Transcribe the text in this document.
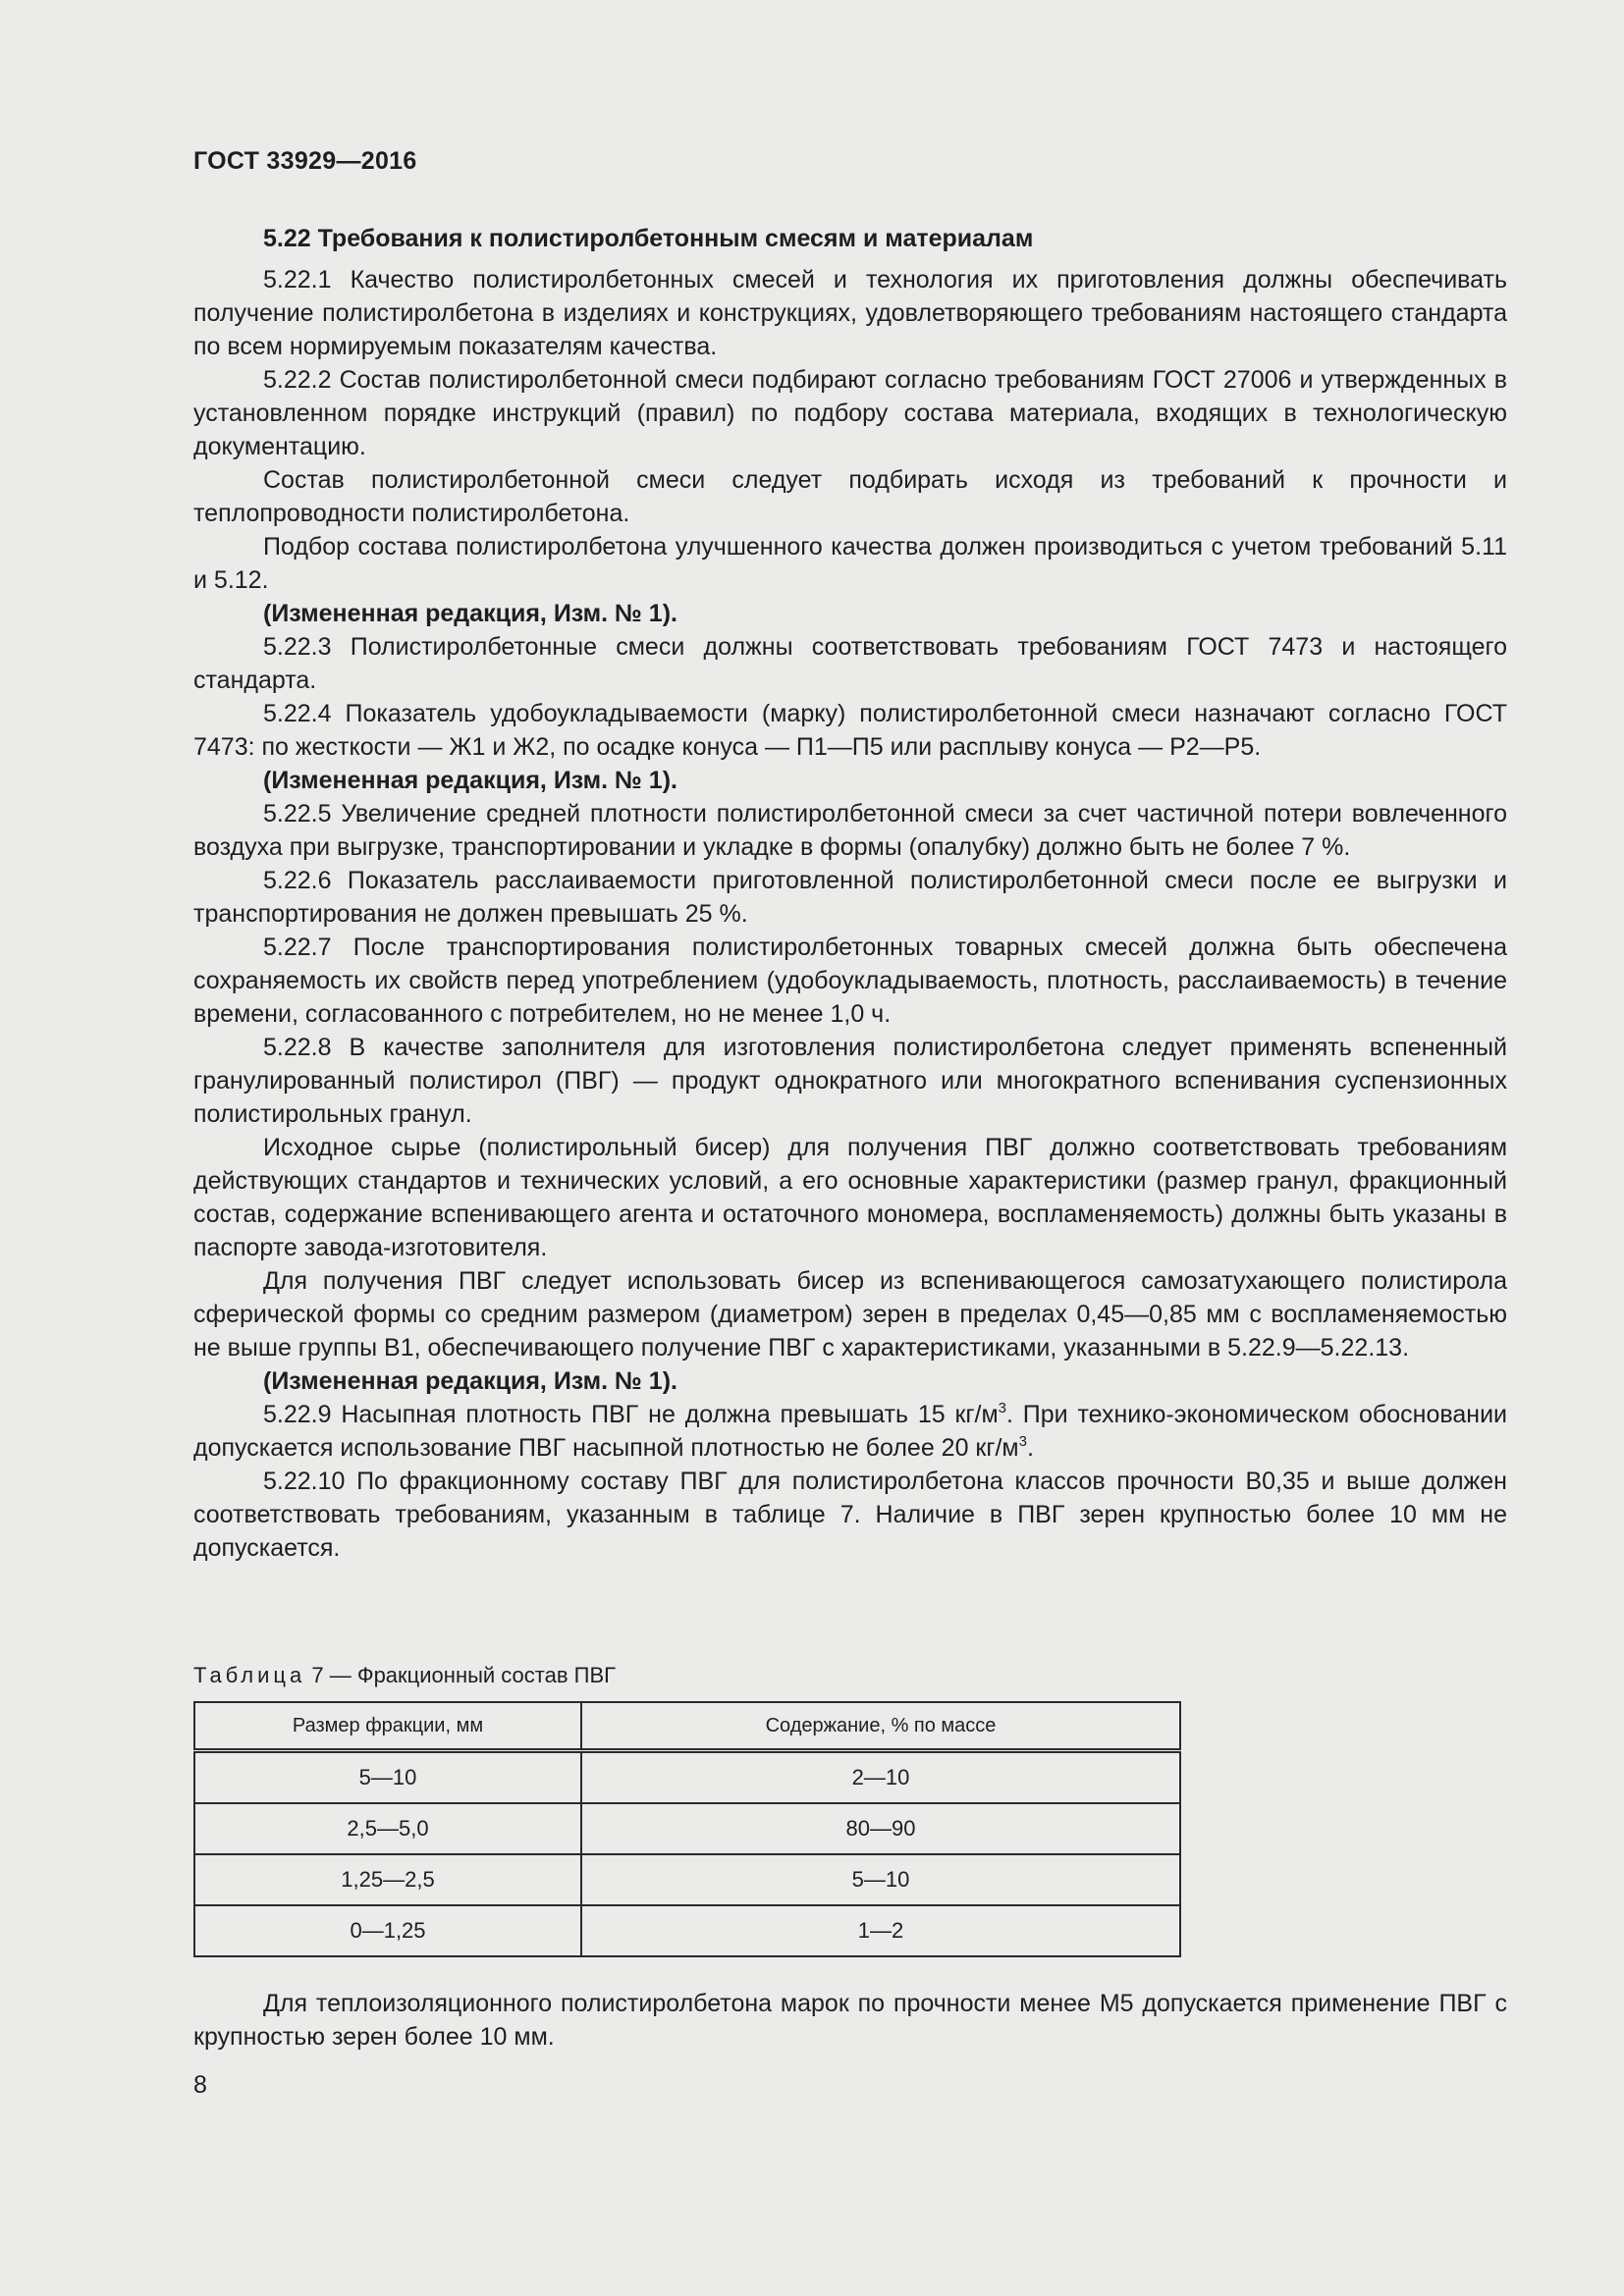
ГОСТ 33929—2016
5.22 Требования к полистиролбетонным смесям и материалам

5.22.1 Качество полистиролбетонных смесей и технология их приготовления должны обеспечивать получение полистиролбетона в изделиях и конструкциях, удовлетворяющего требованиям настоящего стандарта по всем нормируемым показателям качества.

5.22.2 Состав полистиролбетонной смеси подбирают согласно требованиям ГОСТ 27006 и утвержденных в установленном порядке инструкций (правил) по подбору состава материала, входящих в технологическую документацию.

Состав полистиролбетонной смеси следует подбирать исходя из требований к прочности и теплопроводности полистиролбетона.

Подбор состава полистиролбетона улучшенного качества должен производиться с учетом требований 5.11 и 5.12.

(Измененная редакция, Изм. № 1).

5.22.3 Полистиролбетонные смеси должны соответствовать требованиям ГОСТ 7473 и настоящего стандарта.

5.22.4 Показатель удобоукладываемости (марку) полистиролбетонной смеси назначают согласно ГОСТ 7473: по жесткости — Ж1 и Ж2, по осадке конуса — П1—П5 или расплыву конуса — Р2—Р5.

(Измененная редакция, Изм. № 1).

5.22.5 Увеличение средней плотности полистиролбетонной смеси за счет частичной потери вовлеченного воздуха при выгрузке, транспортировании и укладке в формы (опалубку) должно быть не более 7 %.

5.22.6 Показатель расслаиваемости приготовленной полистиролбетонной смеси после ее выгрузки и транспортирования не должен превышать 25 %.

5.22.7 После транспортирования полистиролбетонных товарных смесей должна быть обеспечена сохраняемость их свойств перед употреблением (удобоукладываемость, плотность, расслаиваемость) в течение времени, согласованного с потребителем, но не менее 1,0 ч.

5.22.8 В качестве заполнителя для изготовления полистиролбетона следует применять вспененный гранулированный полистирол (ПВГ) — продукт однократного или многократного вспенивания суспензионных полистирольных гранул.

Исходное сырье (полистирольный бисер) для получения ПВГ должно соответствовать требованиям действующих стандартов и технических условий, а его основные характеристики (размер гранул, фракционный состав, содержание вспенивающего агента и остаточного мономера, воспламеняемость) должны быть указаны в паспорте завода-изготовителя.

Для получения ПВГ следует использовать бисер из вспенивающегося самозатухающего полистирола сферической формы со средним размером (диаметром) зерен в пределах 0,45—0,85 мм с воспламеняемостью не выше группы В1, обеспечивающего получение ПВГ с характеристиками, указанными в 5.22.9—5.22.13.

(Измененная редакция, Изм. № 1).

5.22.9 Насыпная плотность ПВГ не должна превышать 15 $кг/м^3$. При технико-экономическом обосновании допускается использование ПВГ насыпной плотностью не более 20 $кг/м^3$.

5.22.10 По фракционному составу ПВГ для полистиролбетона классов прочности В0,35 и выше должен соответствовать требованиям, указанным в таблице 7. Наличие в ПВГ зерен крупностью более 10 мм не допускается.

Таблица 7 — Фракционный состав ПВГ
Размер фракции, мм	Содержание, % по массе
5—10	2—10
2,5—5,0	80—90
1,25—2,5	5—10
0—1,25	1—2

Для теплоизоляционного полистиролбетона марок по прочности менее М5 допускается применение ПВГ с крупностью зерен более 10 мм.

8
